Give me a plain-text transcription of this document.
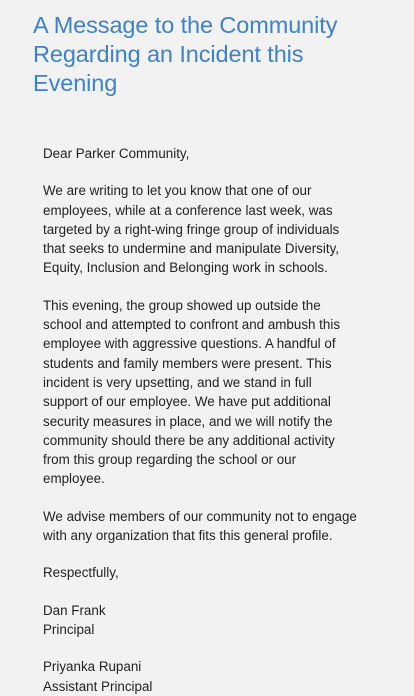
A Message to the Community
Regarding an Incident this
Evening

Dear Parker Community,

We are writing to let you know that one of our
employees, while at a conference last week, was
targeted by a right-wing fringe group of individuals
that seeks to undermine and manipulate Diversity,
Equity, Inclusion and Belonging work in schools.

This evening, the group showed up outside the
school and attempted to confront and ambush this
employee with aggressive questions. A handful of
students and family members were present. This
incident is very upsetting, and we stand in full
support of our employee. We have put additional
security measures in place, and we will notify the
community should there be any additional activity
from this group regarding the school or our
employee.

We advise members of our community not to engage
with any organization that fits this general profile.

Respectfully,

Dan Frank
Principal

Priyanka Rupani
Assistant Principal
